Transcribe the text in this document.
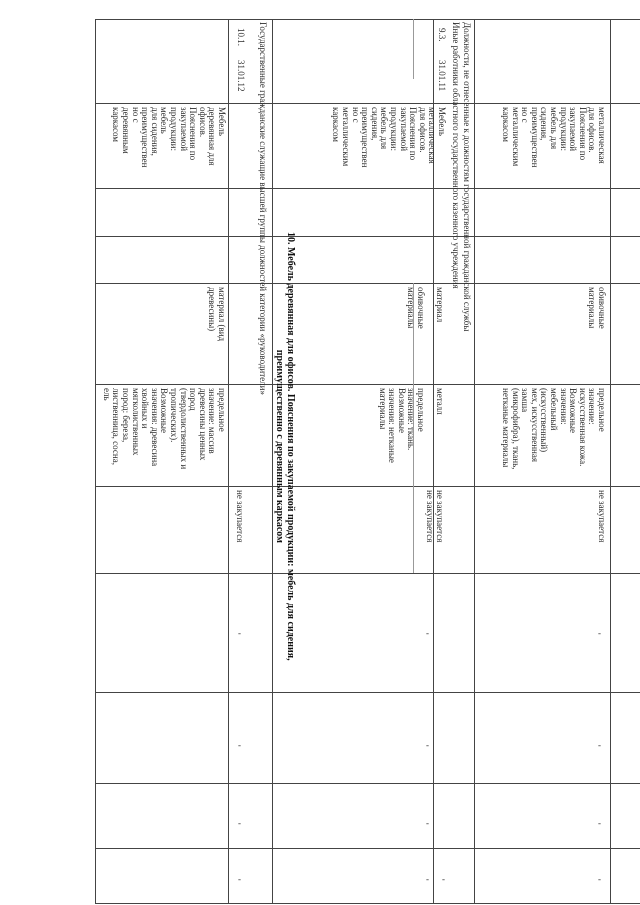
металлическая
для офисов.
Пояснения по
закупаемой
продукции:
мебель для
сидения,
преимуществен
но с
металлическим
каркасом
обивочные
материалы
предельное
значение:
искусственная кожа.
Возможные
значения:
мебельный
(искусственный)
мех, искусственная
замша
(микрофибра), ткань,
нетканые материалы
не закупается
-
-
-
-
Должности, не отнесенные к должностям государственной гражданской службы
Иные работники областного государственного казенного учреждения
9.3.
31.01.11
Мебель
металлическая
для офисов.
Пояснения по
закупаемой
продукции:
мебель для
сидения,
преимуществен
но с
металлическим
каркасом
материал
обивочные
материалы
металл
предельное
значение: ткань.
Возможные
значения: нетканые
материалы
не закупается
не закупается
-
-
-
- -
10. Мебель деревянная для офисов. Пояснения по закупаемой продукции: мебель для сидения,
преимущественно с деревянным каркасом
Государственные гражданские служащие высшей группы должностей категории «руководители»
10.1.
31.01.12
Мебель
деревянная для
офисов.
Пояснения по
закупаемой
продукции:
мебель
для сидения,
преимуществен
но с
деревянным
каркасом
материал (вид
древесины)
предельное
значение: массив
древесины ценных
пород
(твердолиственных и
тропических).
Возможные
значения: древесина
хвойных и
мягколиственных
пород: береза,
лиственница, сосна,
ель
не закупается
-
-
-
-
